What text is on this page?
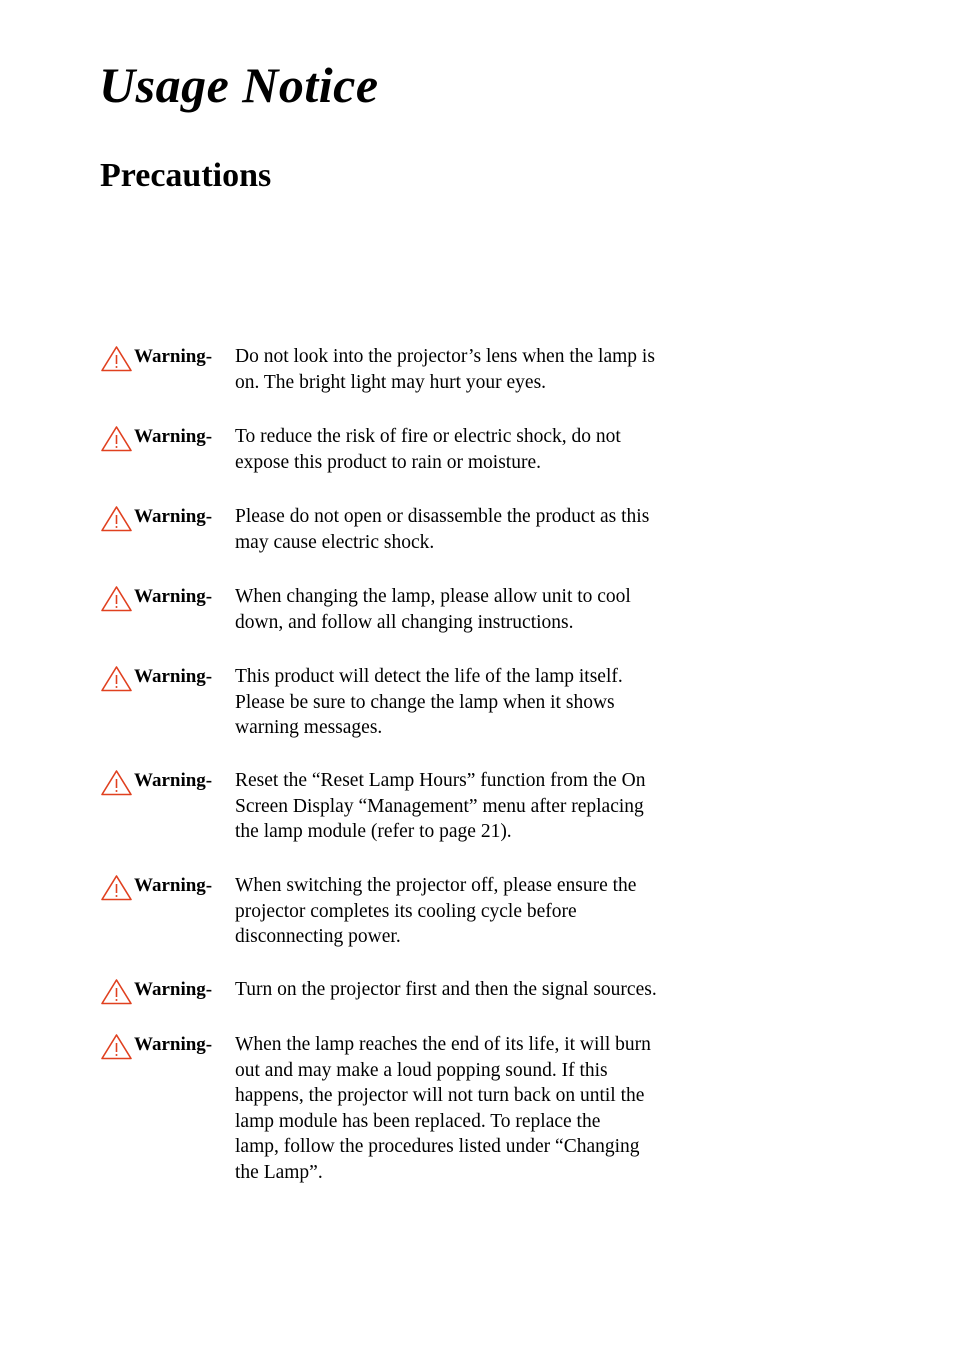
Usage Notice
Precautions
Warning- Do not look into the projector’s lens when the lamp is
on. The bright light may hurt your eyes.

Warning- To reduce the risk of fire or electric shock, do not
expose this product to rain or moisture.

Warning- Please do not open or disassemble the product as this
may cause electric shock.

Warning- When changing the lamp, please allow unit to cool
down, and follow all changing instructions.

Warning- This product will detect the life of the lamp itself.
Please be sure to change the lamp when it shows
warning messages.

Warning- Reset the “Reset Lamp Hours” function from the On
Screen Display “Management” menu after replacing
the lamp module (refer to page 21).

Warning- When switching the projector off, please ensure the
projector completes its cooling cycle before
disconnecting power.

Warning- Turn on the projector first and then the signal sources.

Warning- When the lamp reaches the end of its life, it will burn
out and may make a loud popping sound. If this
happens, the projector will not turn back on until the
lamp module has been replaced. To replace the
lamp, follow the procedures listed under “Changing
the Lamp”.
